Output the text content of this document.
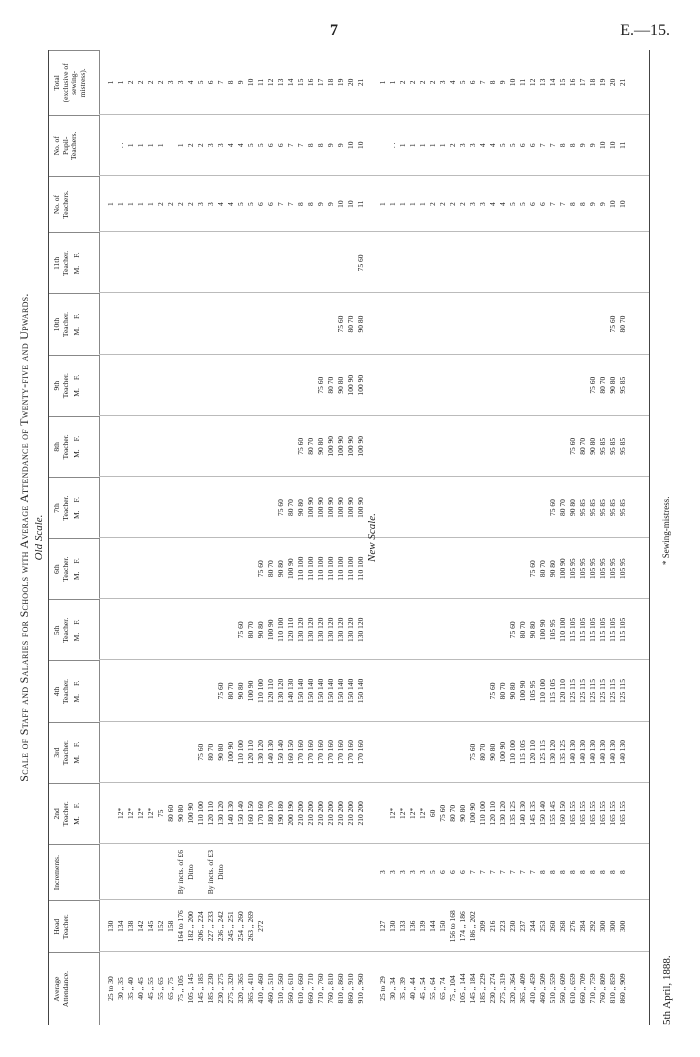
7	E.—15.
Scale of Staff and Salaries for Schools with Average Attendance of Twenty-five and Upwards. Old Scale.
Average
Attendance.
Head
Teacher.
Increments.
2nd
Teacher. M.
F.
3rd
Teacher. M.
F.
4th
Teacher. M.
F.
5th
Teacher. M.
F.
6th
Teacher. M.
F.
7th
Teacher. M.
F.
8th
Teacher. M.
F.
9th
Teacher. M.
F.
10th
Teacher. M.
F.
11th
Teacher. M.
F.
No. of
Teachers.
No. of
Pupil-
Teachers.
Total
(exclusive of
sewing-
mistress).
25 to 30
130
1
1
30 ,, 35
134
12*
1
. .
1
35 ,, 40
138
12*
1
1
2
40 ,, 45
142
12*
1
1
2
45 ,, 55
145
12*
1
1
2
55 ,, 65
152
75
2
1
2
65 ,, 75
158
80 60
2
3
75 ,, 105
164 to 176
By incts. of £6
90 80
2
1
3
105 ,, 145
182 ,, 200
Ditto
100 90
2
2
4
145 ,, 185
206 ,, 224
110 100
75 60
3
2
5
185 ,, 230
227 ,, 233
By incts. of £3
120 110
80 70
3
3
6
230 ,, 275
236 ,, 242
Ditto
130 120
90 80
75 60
4
3
7
275 ,, 320
245 ,, 251
140 130
100 90
80 70
4
4
8
320 ,, 365
254 ,, 260
150 140
110 100
90 80
75 60
5
4
9
365 ,, 410
263 ,, 269
160 150
120 110
100 90
80 70
5
5
10
410 ,, 460
272
170 160
130 120
110 100
90 80
75 60
6
5
11
460 ,, 510
180 170
140 130
120 110
100 90
80 70
6
6
12
510 ,, 560
190 180
150 140
130 120
110 100
90 80
75 60
7
6
13
560 ,, 610
200 190
160 150
140 130
120 110
100 90
80 70
7
7
14
610 ,, 660
210 200
170 160
150 140
130 120
110 100
90 80
75 60
8
7
15
660 ,, 710
210 200
170 160
150 140
130 120
110 100
100 90
80 70
8
8
16
710 ,, 760
210 200
170 160
150 140
130 120
110 100
100 90
90 80
75 60
9
8
17
760 ,, 810
210 200
170 160
150 140
130 120
110 100
100 90
100 90
80 70
9
9
18
810 ,, 860
210 200
170 160
150 140
130 120
110 100
100 90
100 90
90 80
75 60
10
9
19
860 ,, 910
210 200
170 160
150 140
130 120
110 100
100 90
100 90
100 90
80 70
10
10
20
910 ,, 960
210 200
170 160
150 140
130 120
110 100
100 90
100 90
100 90
90 80
75 60
11
10
21
New Scale.
25 to 29
127
3
1
1
30 ,, 34
130
3
12*
1
. .
1
35 ,, 39
133
3
12*
1
1
2
40 ,, 44
136
3
12*
1
1
2
45 ,, 54
139
3
12*
1
1
2
55 ,, 64
144
5
60
2
1
2
65 ,, 74
150
6
75 60
2
1
3
75 ,, 104
156 to 168
6
80 70
2
2
4
105 ,, 144
174 ,, 186
6
90 80
2
3
5
145 ,, 184
186 ,, 202
7
100 90
75 60
3
3
6
185 ,, 229
209
7
110 100
80 70
3
4
7
230 ,, 274
216
7
120 110
90 80
75 60
4
4
8
275 ,, 319
223
7
130 120
100 90
80 70
4
5
9
320 ,, 364
230
7
135 125
110 100
90 80
75 60
5
5
10
365 ,, 409
237
7
140 130
115 105
100 90
80 70
5
6
11
410 ,, 459
244
7
145 135
120 110
105 95
90 80
75 60
6
6
12
460 ,, 509
253
8
150 140
125 115
110 100
100 90
80 70
6
7
13
510 ,, 559
260
8
155 145
130 120
115 105
105 95
90 80
75 60
7
7
14
560 ,, 609
268
8
160 150
135 125
120 110
110 100
100 90
80 70
7
8
15
610 ,, 659
276
8
165 155
140 130
125 115
115 105
105 95
90 80
75 60
8
8
16
660 ,, 709
284
8
165 155
140 130
125 115
115 105
105 95
95 85
80 70
8
9
17
710 ,, 759
292
8
165 155
140 130
125 115
115 105
105 95
95 85
90 80
75 60
9
9
18
760 ,, 809
300
8
165 155
140 130
125 115
115 105
105 95
95 85
95 85
80 70
9
10
19
810 ,, 859
300
8
165 155
140 130
125 115
115 105
105 95
95 85
95 85
90 80
75 60
10
10
20
860 ,, 909
300
8
165 155
140 130
125 115
115 105
105 95
95 85
95 85
95 85
80 70
10
11
21
5th April, 1888.
* Sewing-mistress.
